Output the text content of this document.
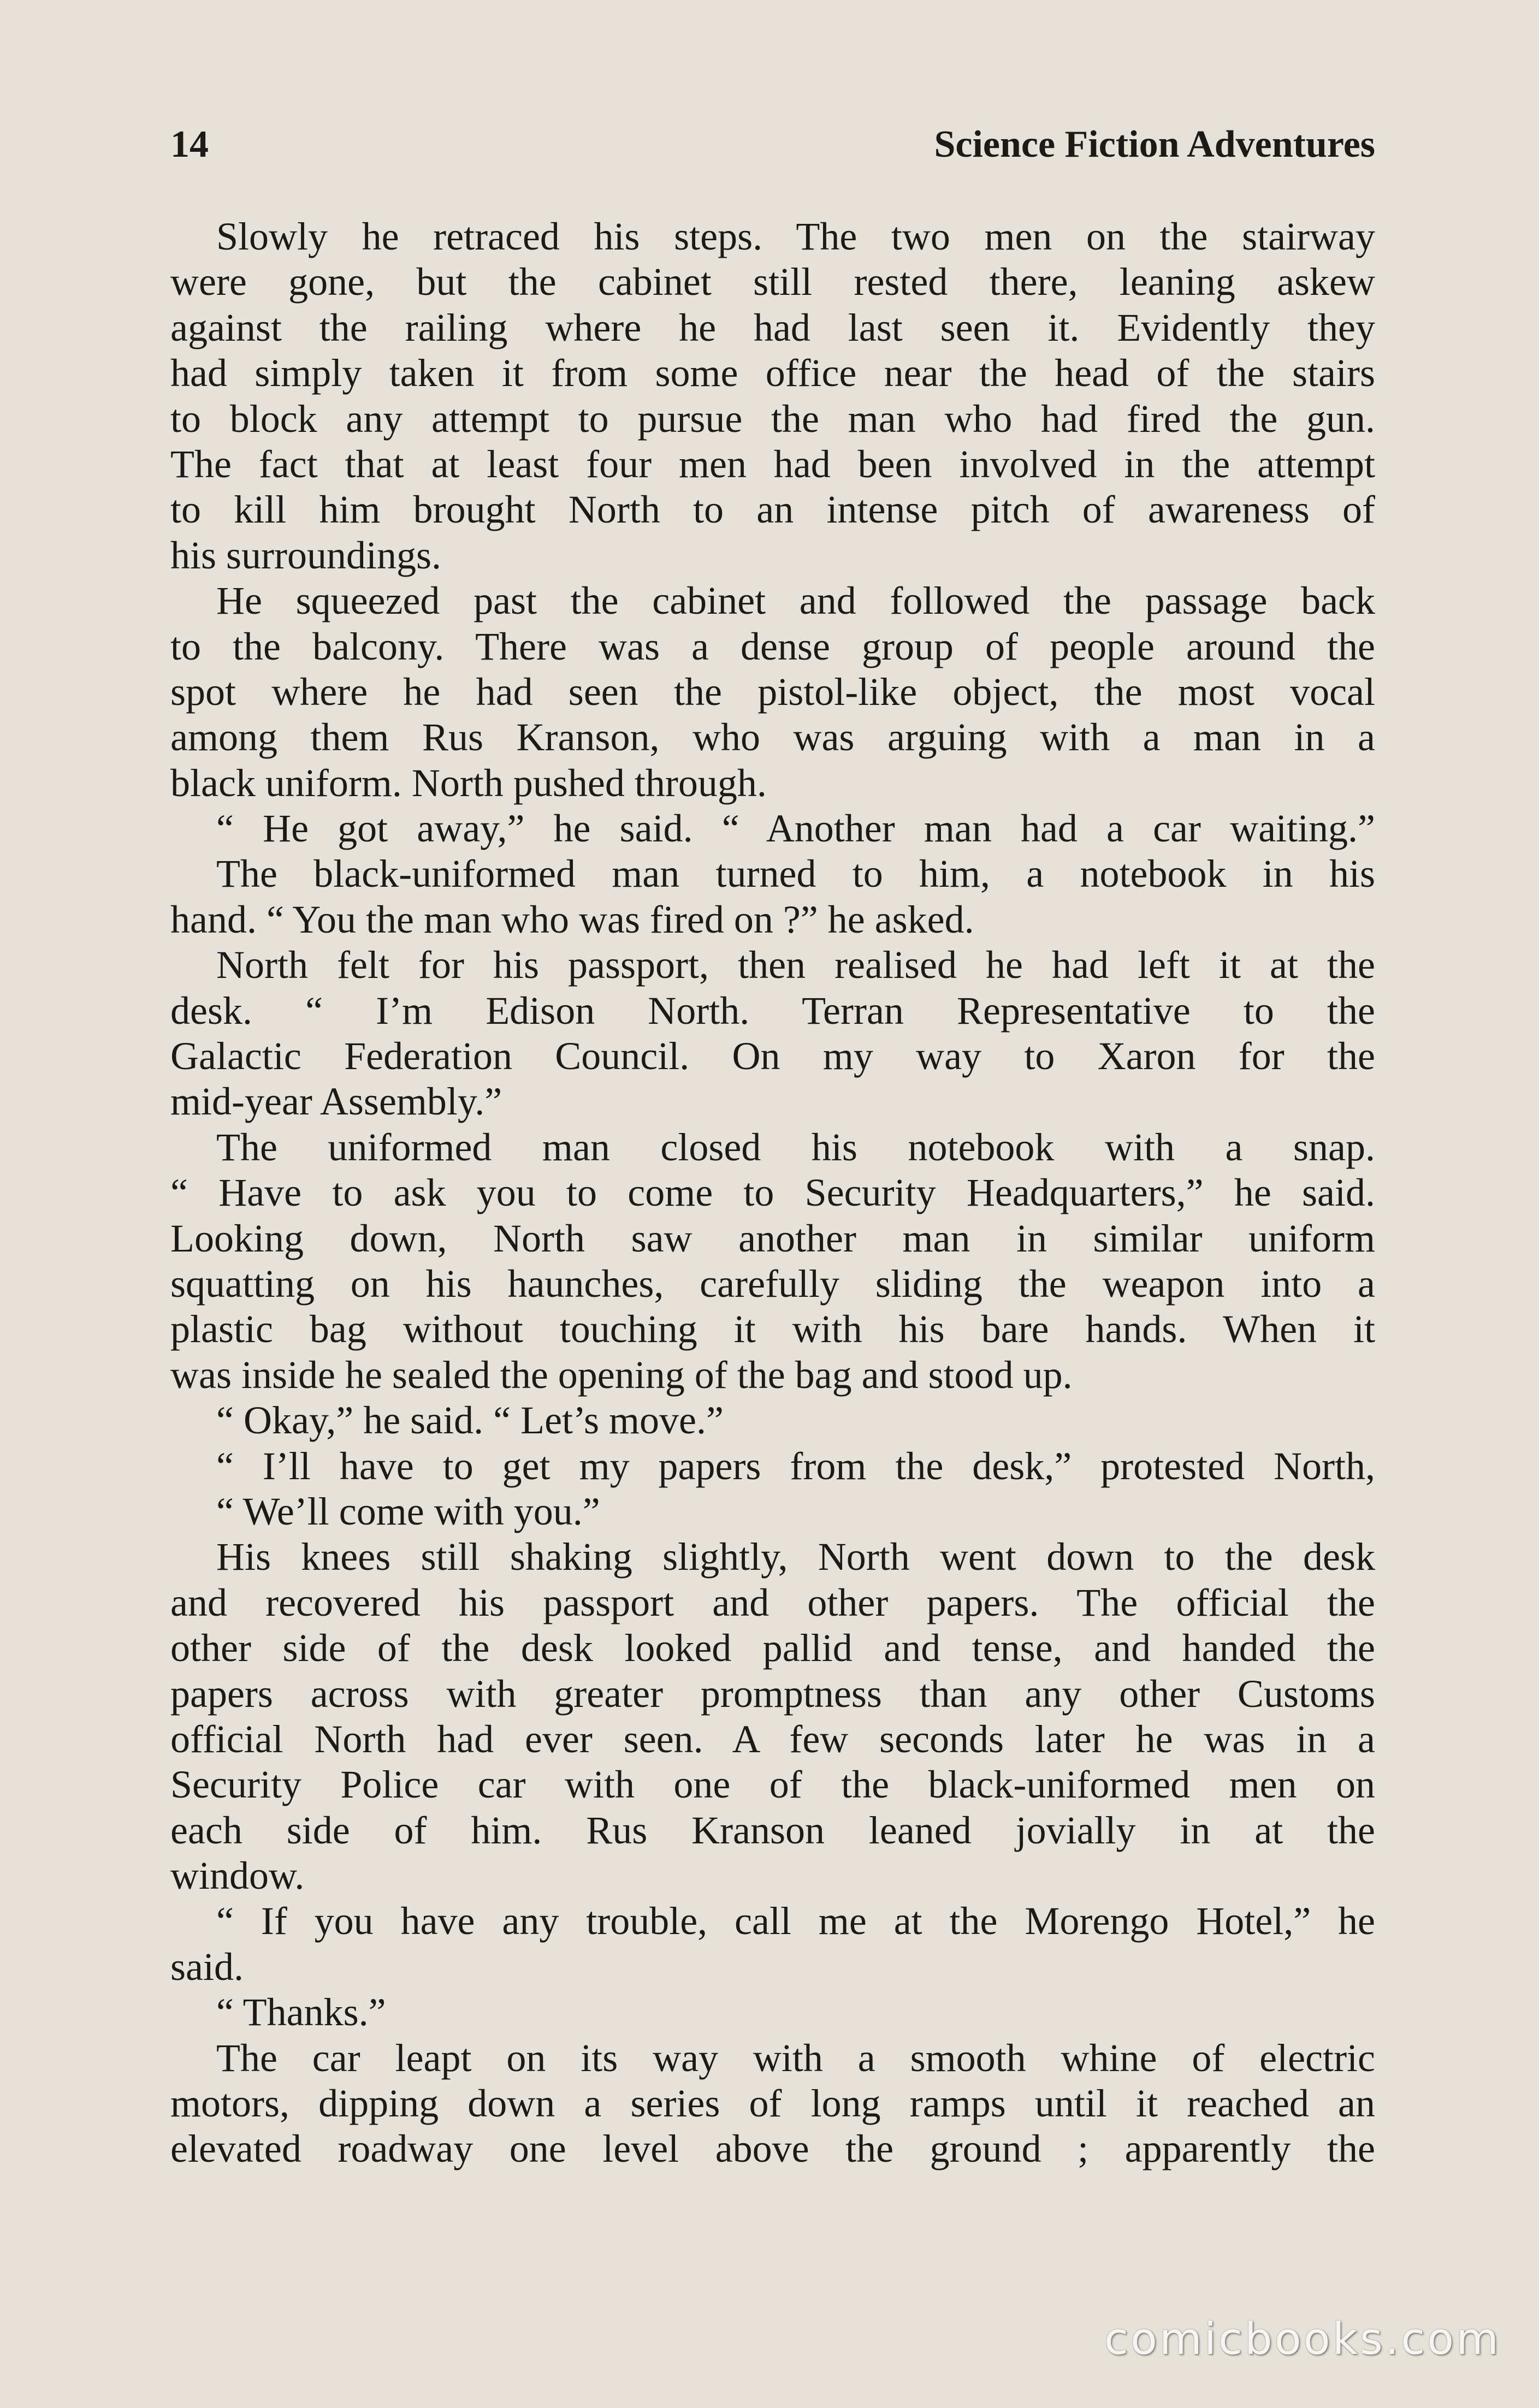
14	Science Fiction Adventures
Slowly he retraced his steps. The two men on the stairway
were gone, but the cabinet still rested there, leaning askew
against the railing where he had last seen it. Evidently they
had simply taken it from some office near the head of the stairs
to block any attempt to pursue the man who had fired the gun.
The fact that at least four men had been involved in the attempt
to kill him brought North to an intense pitch of awareness of
his surroundings.
He squeezed past the cabinet and followed the passage back
to the balcony. There was a dense group of people around the
spot where he had seen the pistol-like object, the most vocal
among them Rus Kranson, who was arguing with a man in a
black uniform. North pushed through.
“ He got away,” he said. “ Another man had a car waiting.”
The black-uniformed man turned to him, a notebook in his
hand. “ You the man who was fired on ?” he asked.
North felt for his passport, then realised he had left it at the
desk. “ I’m Edison North. Terran Representative to the
Galactic Federation Council. On my way to Xaron for the
mid-year Assembly.”
The uniformed man closed his notebook with a snap.
“ Have to ask you to come to Security Headquarters,” he said.
Looking down, North saw another man in similar uniform
squatting on his haunches, carefully sliding the weapon into a
plastic bag without touching it with his bare hands. When it
was inside he sealed the opening of the bag and stood up.
“ Okay,” he said. “ Let’s move.”
“ I’ll have to get my papers from the desk,” protested North,
“ We’ll come with you.”
His knees still shaking slightly, North went down to the desk
and recovered his passport and other papers. The official the
other side of the desk looked pallid and tense, and handed the
papers across with greater promptness than any other Customs
official North had ever seen. A few seconds later he was in a
Security Police car with one of the black-uniformed men on
each side of him. Rus Kranson leaned jovially in at the
window.
“ If you have any trouble, call me at the Morengo Hotel,” he
said.
“ Thanks.”
The car leapt on its way with a smooth whine of electric
motors, dipping down a series of long ramps until it reached an
elevated roadway one level above the ground ; apparently the
comicbooks.com
